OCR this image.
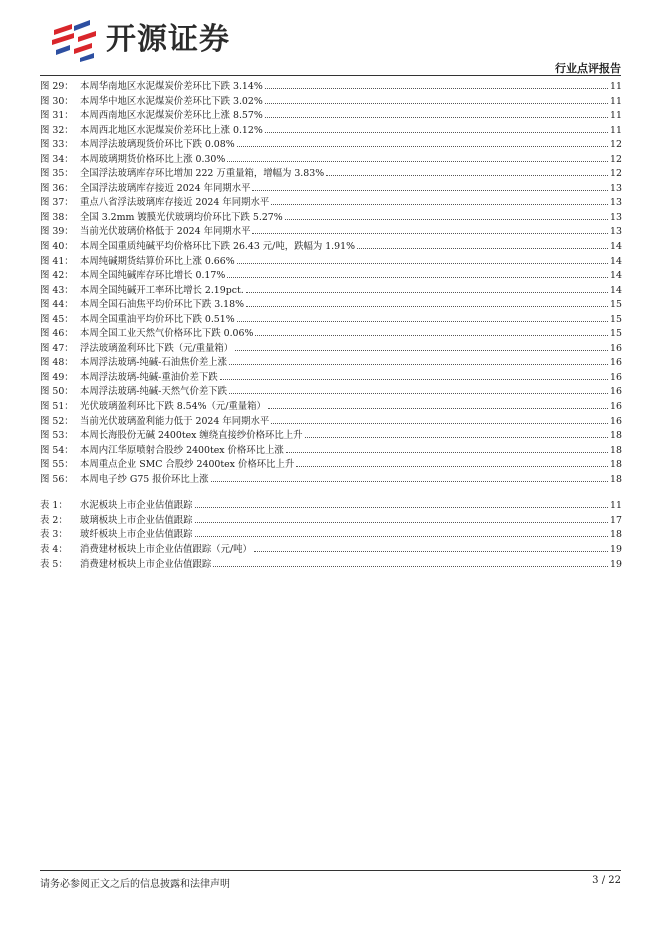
开源证券
行业点评报告
图 29： 本周华南地区水泥煤炭价差环比下跌 3.14%	11
图 30： 本周华中地区水泥煤炭价差环比下跌 3.02%	11
图 31： 本周西南地区水泥煤炭价差环比上涨 8.57%	11
图 32： 本周西北地区水泥煤炭价差环比上涨 0.12%	11
图 33： 本周浮法玻璃现货价环比下跌 0.08%	12
图 34： 本周玻璃期货价格环比上涨 0.30%	12
图 35： 全国浮法玻璃库存环比增加 222 万重量箱，增幅为 3.83%	12
图 36： 全国浮法玻璃库存接近 2024 年同期水平	13
图 37： 重点八省浮法玻璃库存接近 2024 年同期水平	13
图 38： 全国 3.2mm 镀膜光伏玻璃均价环比下跌 5.27%	13
图 39： 当前光伏玻璃价格低于 2024 年同期水平	13
图 40： 本周全国重质纯碱平均价格环比下跌 26.43 元/吨，跌幅为 1.91%	14
图 41： 本周纯碱期货结算价环比上涨 0.66%	14
图 42： 本周全国纯碱库存环比增长 0.17%	14
图 43： 本周全国纯碱开工率环比增长 2.19pct.	14
图 44： 本周全国石油焦平均价环比下跌 3.18%	15
图 45： 本周全国重油平均价环比下跌 0.51%	15
图 46： 本周全国工业天然气价格环比下跌 0.06%	15
图 47： 浮法玻璃盈利环比下跌（元/重量箱）	16
图 48： 本周浮法玻璃-纯碱-石油焦价差上涨	16
图 49： 本周浮法玻璃-纯碱-重油价差下跌	16
图 50： 本周浮法玻璃-纯碱-天然气价差下跌	16
图 51： 光伏玻璃盈利环比下跌 8.54%（元/重量箱）	16
图 52： 当前光伏玻璃盈利能力低于 2024 年同期水平	16
图 53： 本周长海股份无碱 2400tex 缠绕直接纱价格环比上升	18
图 54： 本周内江华原喷射合股纱 2400tex 价格环比上涨	18
图 55： 本周重点企业 SMC 合股纱 2400tex 价格环比上升	18
图 56： 本周电子纱 G75 报价环比上涨	18
表 1：	水泥板块上市企业估值跟踪	11
表 2：	玻璃板块上市企业估值跟踪	17
表 3：	玻纤板块上市企业估值跟踪	18
表 4：	消费建材板块上市企业估值跟踪（元/吨）	19
表 5：	消费建材板块上市企业估值跟踪	19
请务必参阅正文之后的信息披露和法律声明	3 / 22
